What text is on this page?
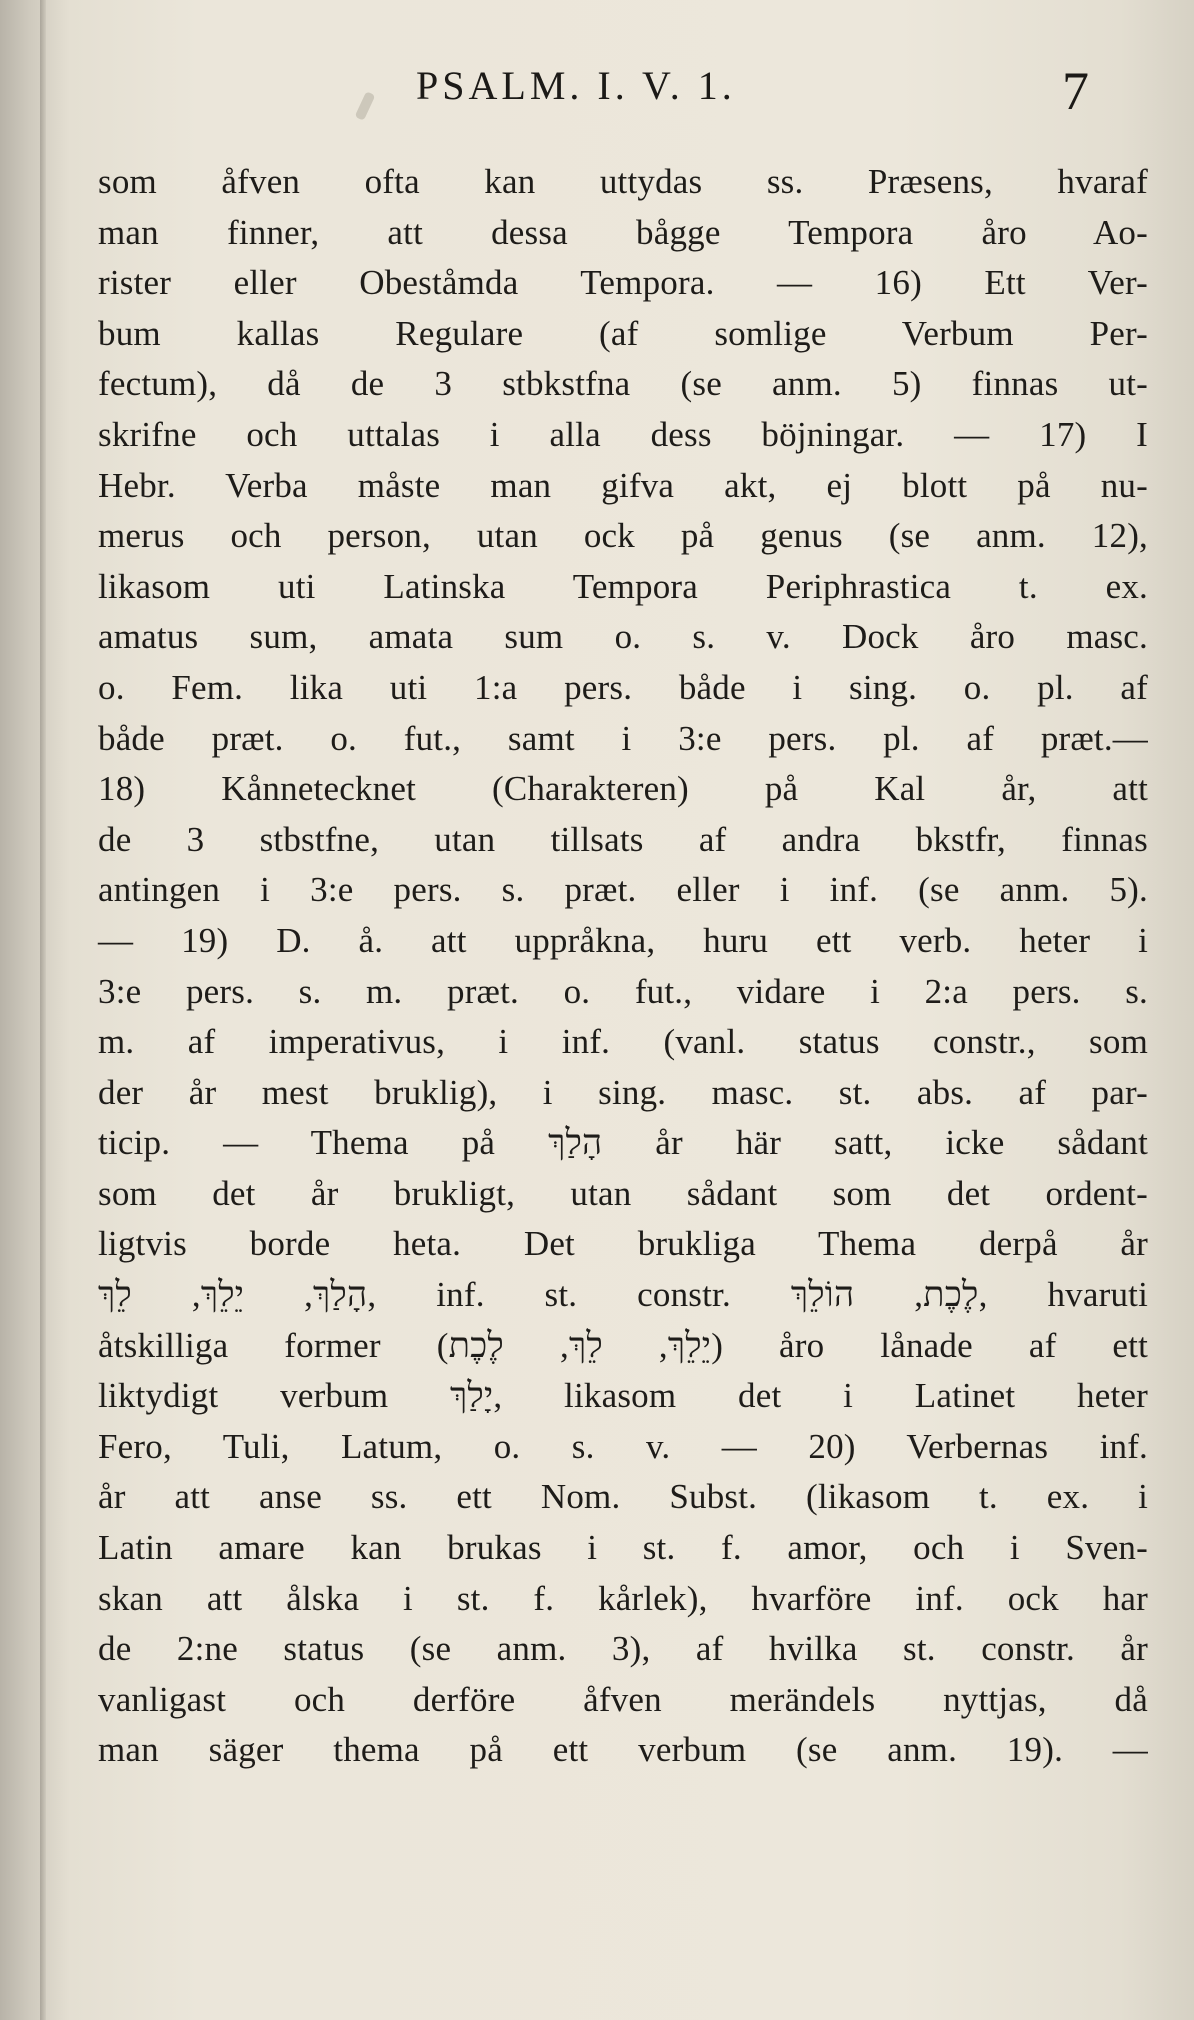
PSALM. I. V. 1.	7
som åfven ofta kan uttydas ss. Præsens, hvaraf
man finner, att dessa bågge Tempora åro Ao-
rister eller Obeståmda Tempora. — 16) Ett Ver-
bum kallas Regulare (af somlige Verbum Per-
fectum), då de 3 stbkstfna (se anm. 5) finnas ut-
skrifne och uttalas i alla dess böjningar. — 17) I
Hebr. Verba måste man gifva akt, ej blott på nu-
merus och person, utan ock på genus (se anm. 12),
likasom uti Latinska Tempora Periphrastica t. ex.
amatus sum, amata sum o. s. v. Dock åro masc.
o. Fem. lika uti 1:a pers. både i sing. o. pl. af
både præt. o. fut., samt i 3:e pers. pl. af præt.—
18) Kånnetecknet (Charakteren) på Kal år, att
de 3 stbstfne, utan tillsats af andra bkstfr, finnas
antingen i 3:e pers. s. præt. eller i inf. (se anm. 5).
— 19) D. å. att uppråkna, huru ett verb. heter i
3:e pers. s. m. præt. o. fut., vidare i 2:a pers. s.
m. af imperativus, i inf. (vanl. status constr., som
der år mest bruklig), i sing. masc. st. abs. af par-
ticip. — Thema på הָלַךְ år här satt, icke sådant
som det år brukligt, utan sådant som det ordent-
ligtvis borde heta. Det brukliga Thema derpå år
הָלַךְ, יֵלֵךְ, לֵךְ, inf. st. constr. לֶכֶת, הוֹלֵךְ, hvaruti
åtskilliga former (יֵלֵךְ, לֵךְ, לֶכֶת) åro lånade af ett
liktydigt verbum יָלַךְ, likasom det i Latinet heter
Fero, Tuli, Latum, o. s. v. — 20) Verbernas inf.
år att anse ss. ett Nom. Subst. (likasom t. ex. i
Latin amare kan brukas i st. f. amor, och i Sven-
skan att ålska i st. f. kårlek), hvarföre inf. ock har
de 2:ne status (se anm. 3), af hvilka st. constr. år
vanligast och derföre åfven merändels nyttjas, då
man säger thema på ett verbum (se anm. 19). —
